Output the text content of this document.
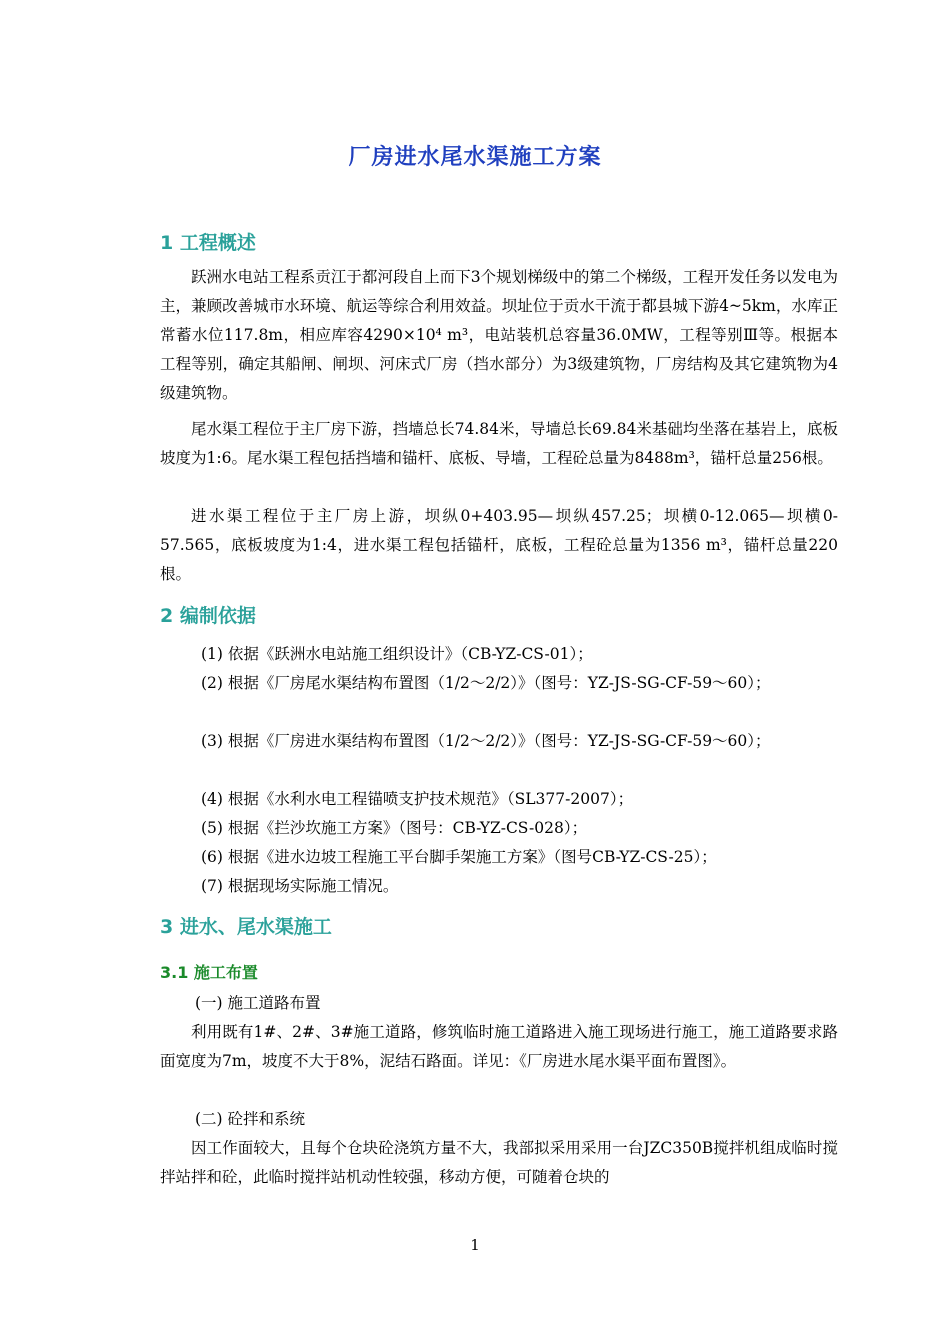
厂房进水尾水渠施工方案
1 工程概述
跃洲水电站工程系贡江于都河段自上而下3个规划梯级中的第二个梯级，工程开发任务以发电为主，兼顾改善城市水环境、航运等综合利用效益。坝址位于贡水干流于都县城下游4~5km，水库正常蓄水位117.8m，相应库容4290×10⁴ m³，电站装机总容量36.0MW，工程等别Ⅲ等。根据本工程等别，确定其船闸、闸坝、河床式厂房（挡水部分）为3级建筑物，厂房结构及其它建筑物为4级建筑物。
尾水渠工程位于主厂房下游，挡墙总长74.84米，导墙总长69.84米基础均坐落在基岩上，底板坡度为1:6。尾水渠工程包括挡墙和锚杆、底板、导墙，工程砼总量为8488m³，锚杆总量256根。
进水渠工程位于主厂房上游，坝纵0+403.95—坝纵457.25；坝横0-12.065—坝横0-57.565，底板坡度为1:4，进水渠工程包括锚杆，底板，工程砼总量为1356 m³，锚杆总量220根。
2 编制依据
(1) 依据《跃洲水电站施工组织设计》（CB-YZ-CS-01）；
(2) 根据《厂房尾水渠结构布置图（1/2～2/2）》（图号：YZ-JS-SG-CF-59～60）；
(3) 根据《厂房进水渠结构布置图（1/2～2/2）》（图号：YZ-JS-SG-CF-59～60）；
(4) 根据《水利水电工程锚喷支护技术规范》（SL377-2007）；
(5) 根据《拦沙坎施工方案》（图号：CB-YZ-CS-028）；
(6) 根据《进水边坡工程施工平台脚手架施工方案》（图号CB-YZ-CS-25）；
(7) 根据现场实际施工情况。
3 进水、尾水渠施工
3.1 施工布置
(一) 施工道路布置
利用既有1#、2#、3#施工道路，修筑临时施工道路进入施工现场进行施工，施工道路要求路面宽度为7m，坡度不大于8%，泥结石路面。详见：《厂房进水尾水渠平面布置图》。
(二) 砼拌和系统
因工作面较大，且每个仓块砼浇筑方量不大，我部拟采用采用一台JZC350B搅拌机组成临时搅拌站拌和砼，此临时搅拌站机动性较强，移动方便，可随着仓块的
1
